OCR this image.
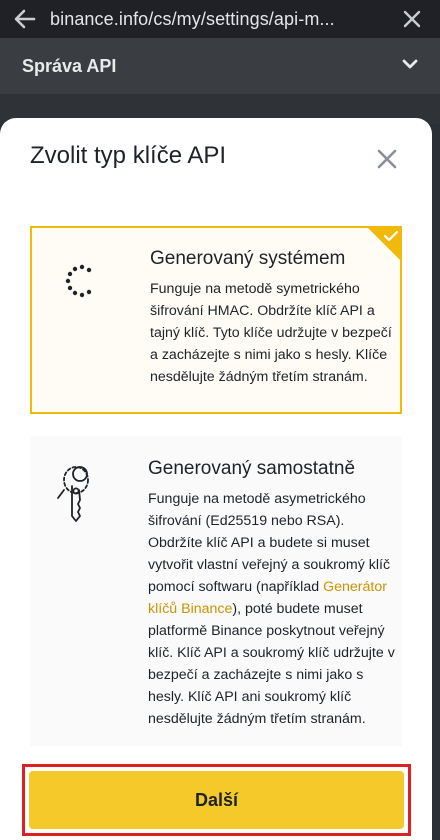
binance.info/cs/my/settings/api-m...
Správa API
Zvolit typ klíče API
Generovaný systémem

Funguje na metodě symetrického šifrování HMAC. Obdržíte klíč API a tajný klíč. Tyto klíče udržujte v bezpečí a zacházejte s nimi jako s hesly. Klíče nesdělujte žádným třetím stranám.

Generovaný samostatně

Funguje na metodě asymetrického šifrování (Ed25519 nebo RSA). Obdržíte klíč API a budete si muset vytvořit vlastní veřejný a soukromý klíč pomocí softwaru (například Generátor klíčů Binance), poté budete muset platformě Binance poskytnout veřejný klíč. Klíč API a soukromý klíč udržujte v bezpečí a zacházejte s nimi jako s hesly. Klíč API ani soukromý klíč nesdělujte žádným třetím stranám.

Další
